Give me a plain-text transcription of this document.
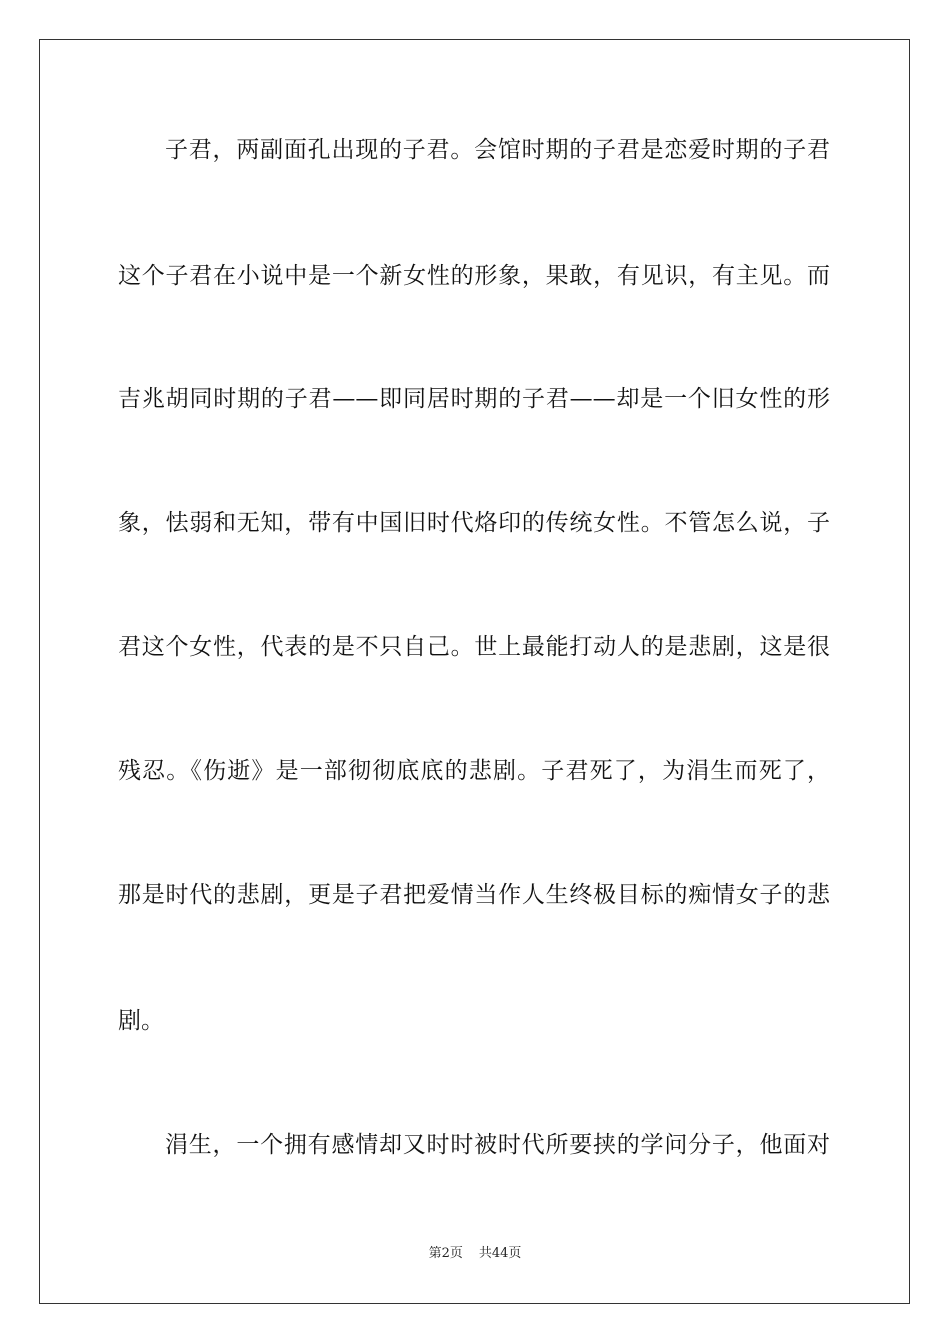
子君，两副面孔出现的子君。会馆时期的子君是恋爱时期的子君
这个子君在小说中是一个新女性的形象，果敢，有见识，有主见。而
吉兆胡同时期的子君——即同居时期的子君——却是一个旧女性的形
象，怯弱和无知，带有中国旧时代烙印的传统女性。不管怎么说，子
君这个女性，代表的是不只自己。世上最能打动人的是悲剧，这是很
残忍。《伤逝》是一部彻彻底底的悲剧。子君死了，为涓生而死了，
那是时代的悲剧，更是子君把爱情当作人生终极目标的痴情女子的悲
剧。
涓生，一个拥有感情却又时时被时代所要挟的学问分子，他面对
第2页 共44页
